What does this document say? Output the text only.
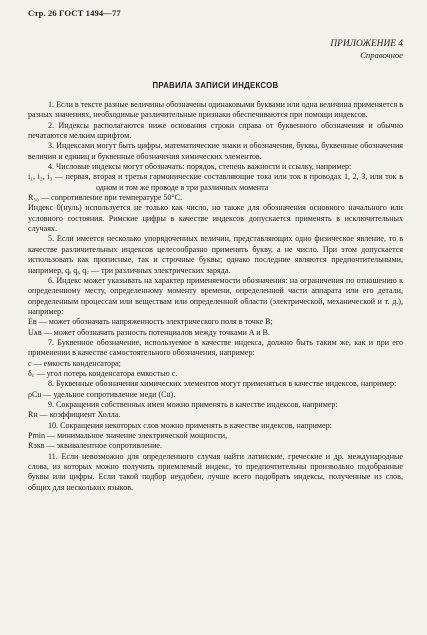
Стр. 26 ГОСТ 1494—77
ПРИЛОЖЕНИЕ 4
Справочное
ПРАВИЛА ЗАПИСИ ИНДЕКСОВ

1. Если в тексте разные величины обозначены одинаковыми буквами или одна величина применяется в разных значениях, необходимые различительные признаки обеспечиваются при помощи индексов.

2. Индексы располагаются ниже основания строки справа от буквенного обозначения и обычно печатаются мелким шрифтом.

3. Индексами могут быть цифры, математические знаки и обозначения, буквы, буквенные обозначения величин и единиц и буквенные обозначения химических элементов.

4. Числовые индексы могут обозначать: порядок, степень важности и ссылку, например:

i₁, i₂, i₃ — первая, вторая и третья гармонические составляющие тока или ток в проводах 1, 2, 3, или ток в одном и том же проводе в три различных момента

R₅₀ — сопротивление при температуре 50°С.

Индекс 0(нуль) используется не только как число, но также для обозначения основного начального или условного состояния. Римские цифры в качестве индексов допускается применять в исключительных случаях.

5. Если имеется несколько упорядоченных величин, представляющих одно физическое явление, то в качестве различительных индексов целесообразно применять букву, а не число. При этом допускается использовать как прописные, так и строчные буквы; однако последние являются предпочтительными, например, qₐ q₆ q꜀ — три различных электрических заряда.

6. Индекс может указывать на характер применяемости обозначения: на ограничения по отношению к определенному месту, определенному моменту времени, определенной части аппарата или его детали, определенным процессам или веществам или определенной области (электрической, механической и т. д.), например:

Eᴃ — может обозначать напряженность электрического поля в точке B;

Uᴀᴃ — может обозначать разность потенциалов между точками A и B.

7. Буквенное обозначение, используемое в качестве индекса, должно быть таким же, как и при его применении в качестве самостоятельного обозначения, например:

c — емкость конденсатора;

δ꜀ — угол потерь конденсатора емкостью c.

8. Буквенные обозначения химических элементов могут применяться в качестве индексов, например:

ρCu — удельное сопротивление меди (Cu).

9. Сокращения собственных имен можно применять в качестве индексов, например:

Rн — коэффициент Холла.

10. Сокращения некоторых слов можно применять в качестве индексов, например:

Pmin — минимальное значение электрической мощности,

Rэкв — эквивалентное сопротивление.

11. Если невозможно для определенного случая найти латинские, греческие и др. международные слова, из которых можно получить приемлемый индекс, то предпочтительны произвольно подобранные буквы или цифры. Если такой подбор неудобен, лучше всего подобрать индексы, полученные из слов, общих для нескольких языков.
